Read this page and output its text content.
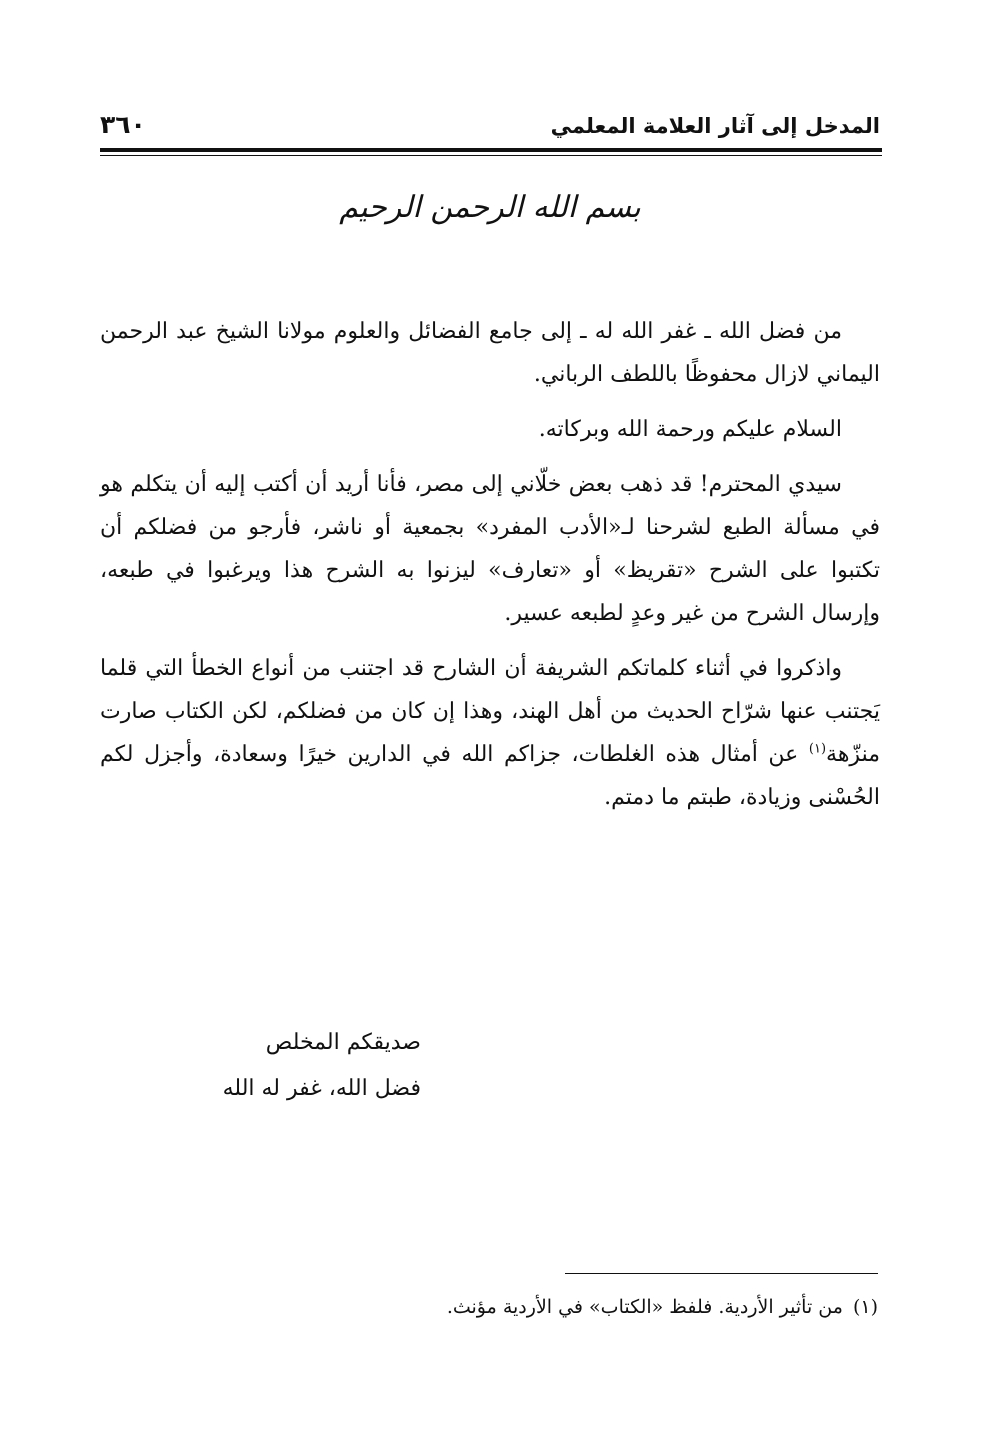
المدخل إلى آثار العلامة المعلمي
٣٦٠
بسم الله الرحمن الرحيم

من فضل الله ـ غفر الله له ـ إلى جامع الفضائل والعلوم مولانا الشيخ عبد الرحمن اليماني لازال محفوظًا باللطف الرباني.

السلام عليكم ورحمة الله وبركاته.

سيدي المحترم! قد ذهب بعض خلّاني إلى مصر، فأنا أريد أن أكتب إليه أن يتكلم هو في مسألة الطبع لشرحنا لـ«الأدب المفرد» بجمعية أو ناشر، فأرجو من فضلكم أن تكتبوا على الشرح «تقريظ» أو «تعارف» ليزنوا به الشرح هذا ويرغبوا في طبعه، وإرسال الشرح من غير وعدٍ لطبعه عسير.

واذكروا في أثناء كلماتكم الشريفة أن الشارح قد اجتنب من أنواع الخطأ التي قلما يَجتنب عنها شرّاح الحديث من أهل الهند، وهذا إن كان من فضلكم، لكن الكتاب صارت منزّهة$^{(١)}$ عن أمثال هذه الغلطات، جزاكم الله في الدارين خيرًا وسعادة، وأجزل لكم الحُسْنى وزيادة، طبتم ما دمتم.

صديقكم المخلص
فضل الله، غفر له الله
(١)من تأثير الأردية. فلفظ «الكتاب» في الأردية مؤنث.
